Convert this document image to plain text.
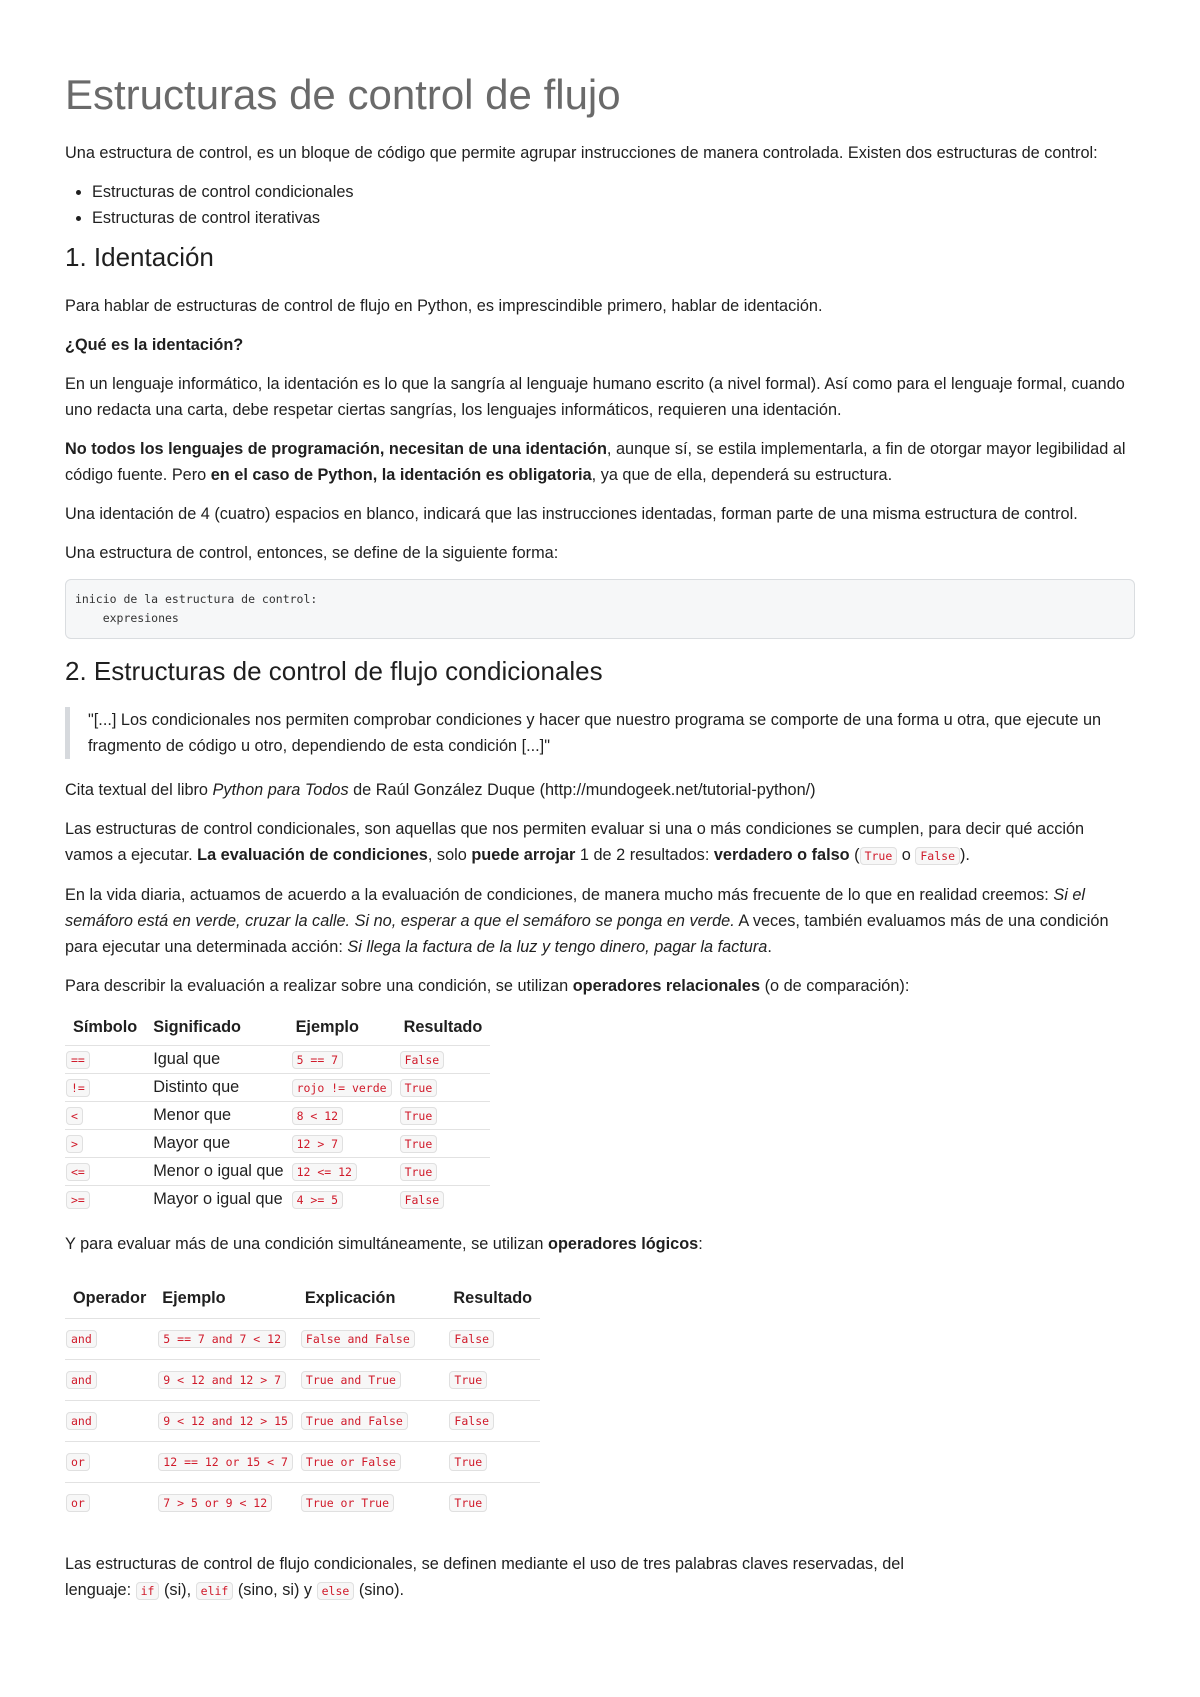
Estructuras de control de flujo

Una estructura de control, es un bloque de código que permite agrupar instrucciones de manera controlada. Existen dos estructuras de control:

• Estructuras de control condicionales
• Estructuras de control iterativas
1. Identación

Para hablar de estructuras de control de flujo en Python, es imprescindible primero, hablar de identación.

¿Qué es la identación?

En un lenguaje informático, la identación es lo que la sangría al lenguaje humano escrito (a nivel formal). Así como para el lenguaje formal, cuando uno redacta una carta, debe respetar ciertas sangrías, los lenguajes informáticos, requieren una identación.

No todos los lenguajes de programación, necesitan de una identación, aunque sí, se estila implementarla, a fin de otorgar mayor legibilidad al código fuente. Pero en el caso de Python, la identación es obligatoria, ya que de ella, dependerá su estructura.

Una identación de 4 (cuatro) espacios en blanco, indicará que las instrucciones identadas, forman parte de una misma estructura de control.

Una estructura de control, entonces, se define de la siguiente forma:

inicio de la estructura de control:
expresiones
2. Estructuras de control de flujo condicionales

"[...] Los condicionales nos permiten comprobar condiciones y hacer que nuestro programa se comporte de una forma u otra, que ejecute un fragmento de código u otro, dependiendo de esta condición [...]"

Cita textual del libro Python para Todos de Raúl González Duque (http://mundogeek.net/tutorial-python/)

Las estructuras de control condicionales, son aquellas que nos permiten evaluar si una o más condiciones se cumplen, para decir qué acción vamos a ejecutar. La evaluación de condiciones, solo puede arrojar 1 de 2 resultados: verdadero o falso ( True o False ).

En la vida diaria, actuamos de acuerdo a la evaluación de condiciones, de manera mucho más frecuente de lo que en realidad creemos: Si el semáforo está en verde, cruzar la calle. Si no, esperar a que el semáforo se ponga en verde. A veces, también evaluamos más de una condición para ejecutar una determinada acción: Si llega la factura de la luz y tengo dinero, pagar la factura.

Para describir la evaluación a realizar sobre una condición, se utilizan operadores relacionales (o de comparación):

Símbolo	Significado	Ejemplo	Resultado
==	Igual que	5 == 7	False
!=	Distinto que	rojo != verde	True
<	Menor que	8 < 12	True
>	Mayor que	12 > 7	True
<=	Menor o igual que	12 <= 12	True
>=	Mayor o igual que	4 >= 5	False

Y para evaluar más de una condición simultáneamente, se utilizan operadores lógicos:

Operador	Ejemplo	Explicación	Resultado
and	5 == 7 and 7 < 12	False and False	False
and	9 < 12 and 12 > 7	True and True	True
and	9 < 12 and 12 > 15	True and False	False
or	12 == 12 or 15 < 7	True or False	True
or	7 > 5 or 9 < 12	True or True	True

Las estructuras de control de flujo condicionales, se definen mediante el uso de tres palabras claves reservadas, del
lenguaje: if (si), elif (sino, si) y else (sino).
